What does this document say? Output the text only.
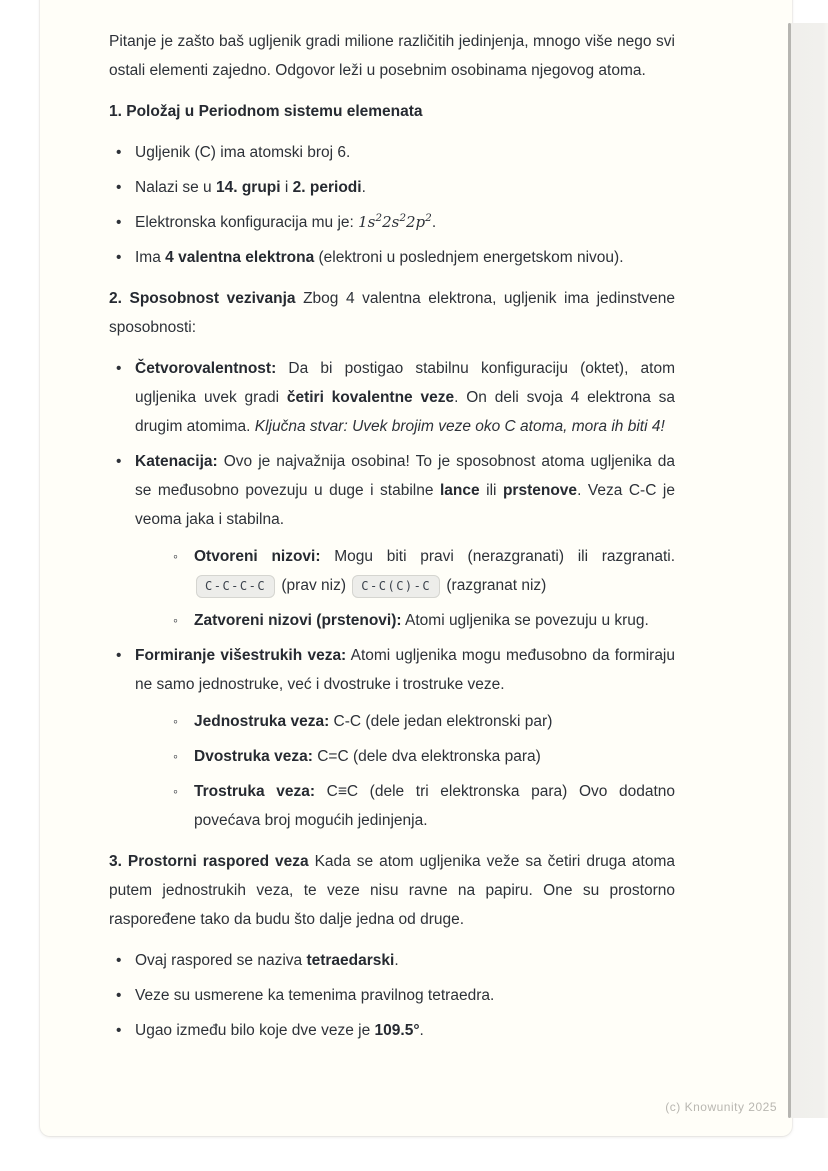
Pitanje je zašto baš ugljenik gradi milione različitih jedinjenja, mnogo više nego svi ostali elementi zajedno. Odgovor leži u posebnim osobinama njegovog atoma.

1. Položaj u Periodnom sistemu elemenata

• Ugljenik (C) ima atomski broj 6.
• Nalazi se u 14. grupi i 2. periodi.
• Elektronska konfiguracija mu je: $1s^22s^22p^2$.
• Ima 4 valentna elektrona (elektroni u poslednjem energetskom nivou).

2. Sposobnost vezivanja Zbog 4 valentna elektrona, ugljenik ima jedinstvene sposobnosti:

• Četvorovalentnost: Da bi postigao stabilnu konfiguraciju (oktet), atom ugljenika uvek gradi četiri kovalentne veze. On deli svoja 4 elektrona sa drugim atomima. Ključna stvar: Uvek brojim veze oko C atoma, mora ih biti 4!
• Katenacija: Ovo je najvažnija osobina! To je sposobnost atoma ugljenika da se međusobno povezuju u duge i stabilne lance ili prstenove. Veza C-C je veoma jaka i stabilna.
◦ Otvoreni nizovi: Mogu biti pravi (nerazgranati) ili razgranati. C-C-C-C (prav niz) C-C(C)-C (razgranat niz)
◦ Zatvoreni nizovi (prstenovi): Atomi ugljenika se povezuju u krug.
• Formiranje višestrukih veza: Atomi ugljenika mogu međusobno da formiraju ne samo jednostruke, već i dvostruke i trostruke veze.
◦ Jednostruka veza: C-C (dele jedan elektronski par)
◦ Dvostruka veza: C=C (dele dva elektronska para)
◦ Trostruka veza: C≡C (dele tri elektronska para) Ovo dodatno povećava broj mogućih jedinjenja.

3. Prostorni raspored veza Kada se atom ugljenika veže sa četiri druga atoma putem jednostrukih veza, te veze nisu ravne na papiru. One su prostorno raspoređene tako da budu što dalje jedna od druge.

• Ovaj raspored se naziva tetraedarski.
• Veze su usmerene ka temenima pravilnog tetraedra.
• Ugao između bilo koje dve veze je 109.5°.
(c) Knowunity 2025
